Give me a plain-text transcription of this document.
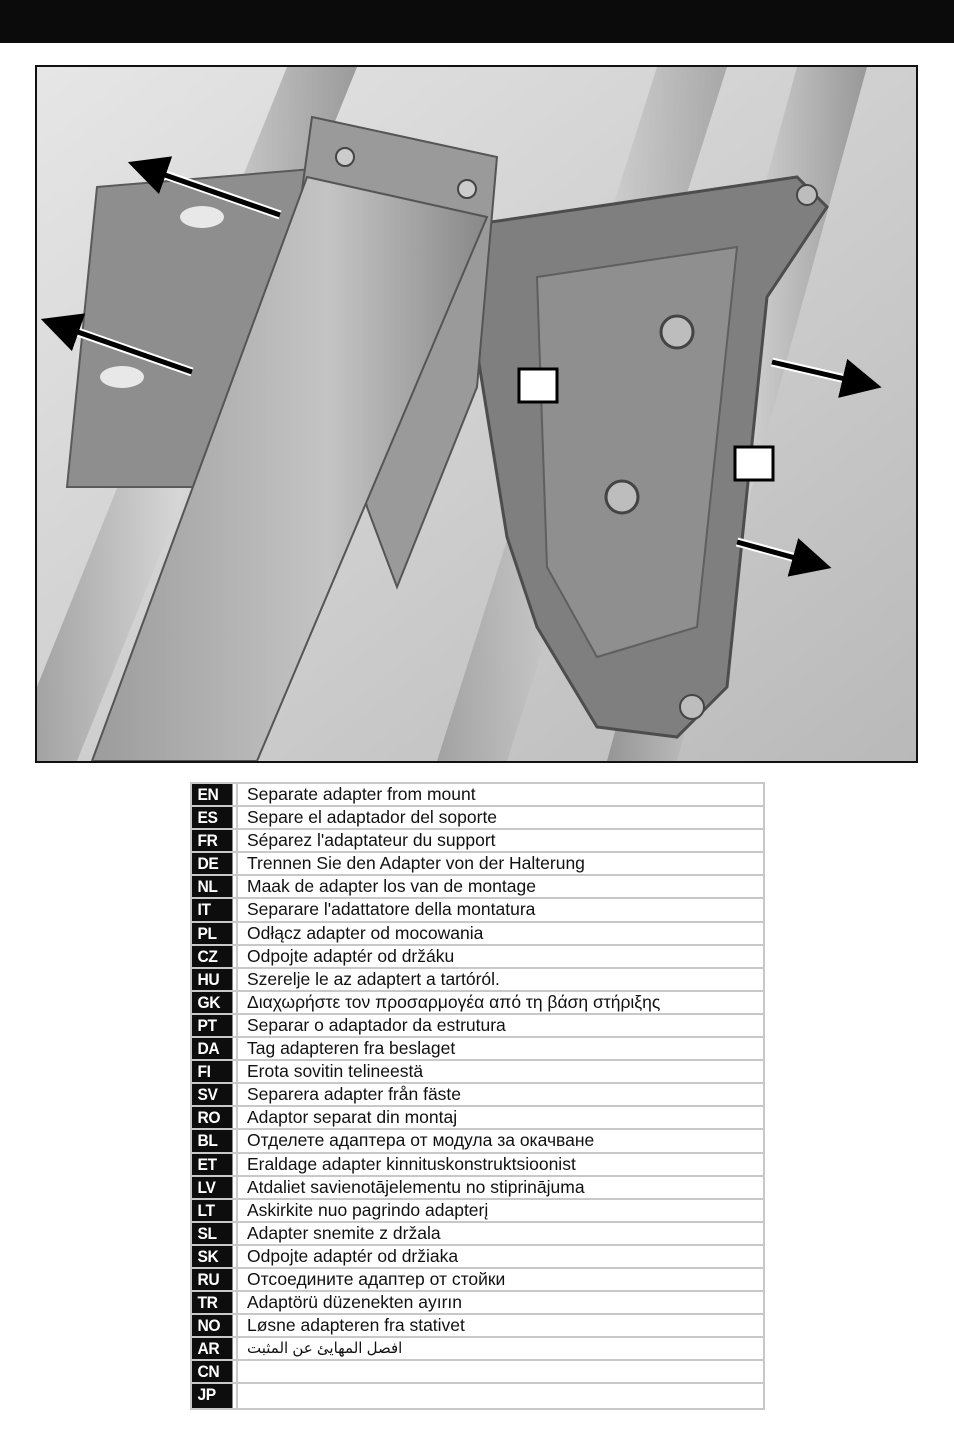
EN	Separate adapter from mount
ES	Separe el adaptador del soporte
FR	Séparez l'adaptateur du support
DE	Trennen Sie den Adapter von der Halterung
NL	Maak de adapter los van de montage
IT	Separare l'adattatore della montatura
PL	Odłącz adapter od mocowania
CZ	Odpojte adaptér od držáku
HU	Szerelje le az adaptert a tartóról.
GK	Διαχωρήστε τον προσαρμογέα από τη βάση στήριξης
PT	Separar o adaptador da estrutura
DA	Tag adapteren fra beslaget
FI	Erota sovitin telineestä
SV	Separera adapter från fäste
RO	Adaptor separat din montaj
BL	Отделете адаптера от модула за окачване
ET	Eraldage adapter kinnituskonstruktsioonist
LV	Atdaliet savienotājelementu no stiprinājuma
LT	Askirkite nuo pagrindo adapterį
SL	Adapter snemite z držala
SK	Odpojte adaptér od držiaka
RU	Отсоедините адаптер от стойки
TR	Adaptörü düzenekten ayırın
NO	Løsne adapteren fra stativet
AR	افصل المهايئ عن المثبت
CN
JP
